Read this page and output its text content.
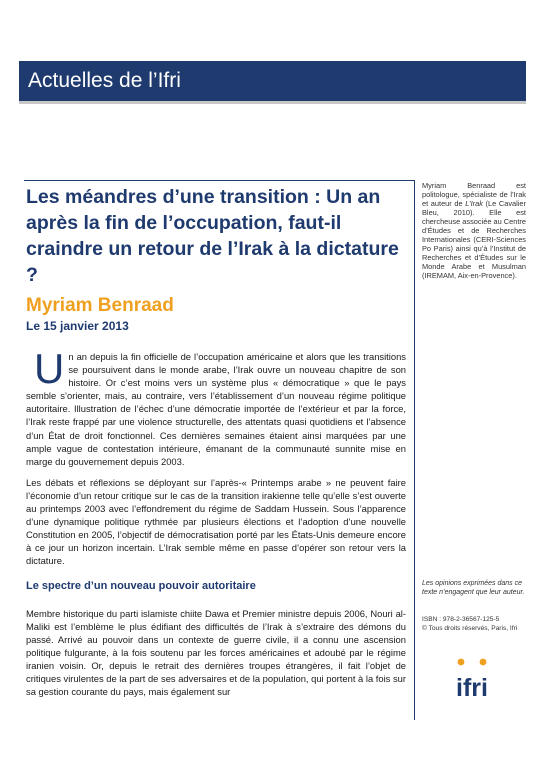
Actuelles de l’Ifri
Les méandres d’une transition : Un an après la fin de l’occupation, faut-il craindre un retour de l’Irak à la dictature ?
Myriam Benraad
Le 15 janvier 2013

Un an depuis la fin officielle de l’occupation américaine et alors que les transitions se poursuivent dans le monde arabe, l’Irak ouvre un nouveau chapitre de son histoire. Or c’est moins vers un système plus « démocratique » que le pays semble s’orienter, mais, au contraire, vers l’établissement d’un nouveau régime politique autoritaire. Illustration de l’échec d’une démocratie importée de l’extérieur et par la force, l’Irak reste frappé par une violence structurelle, des attentats quasi quotidiens et l’absence d’un État de droit fonctionnel. Ces dernières semaines étaient ainsi marquées par une ample vague de contestation intérieure, émanant de la communauté sunnite mise en marge du gouvernement depuis 2003.

Les débats et réflexions se déployant sur l’après-« Printemps arabe » ne peuvent faire l’économie d’un retour critique sur le cas de la transition irakienne telle qu’elle s’est ouverte au printemps 2003 avec l’effondrement du régime de Saddam Hussein. Sous l’apparence d’une dynamique politique rythmée par plusieurs élections et l’adoption d’une nouvelle Constitution en 2005, l’objectif de démocratisation porté par les États-Unis demeure encore à ce jour un horizon incertain. L’Irak semble même en passe d’opérer son retour vers la dictature.

Le spectre d’un nouveau pouvoir autoritaire

Membre historique du parti islamiste chiite Dawa et Premier ministre depuis 2006, Nouri al-Maliki est l’emblème le plus édifiant des difficultés de l’Irak à s’extraire des démons du passé. Arrivé au pouvoir dans un contexte de guerre civile, il a connu une ascension politique fulgurante, à la fois soutenu par les forces américaines et adoubé par le régime iranien voisin. Or, depuis le retrait des dernières troupes étrangères, il fait l’objet de critiques virulentes de la part de ses adversaires et de la population, qui portent à la fois sur sa gestion courante du pays, mais également sur

Myriam Benraad est politologue, spécialiste de l’Irak et auteur de L’Irak (Le Cavalier Bleu, 2010). Elle est chercheuse associée au Centre d’Études et de Recherches Internationales (CERI-Sciences Po Paris) ainsi qu’à l’Institut de Recherches et d’Études sur le Monde Arabe et Musulman (IREMAM, Aix-en-Provence).
Les opinions exprimées dans ce texte n’engagent que leur auteur.
ISBN : 978-2-36567-125-5
© Tous droits réservés, Paris, Ifri
ifri
